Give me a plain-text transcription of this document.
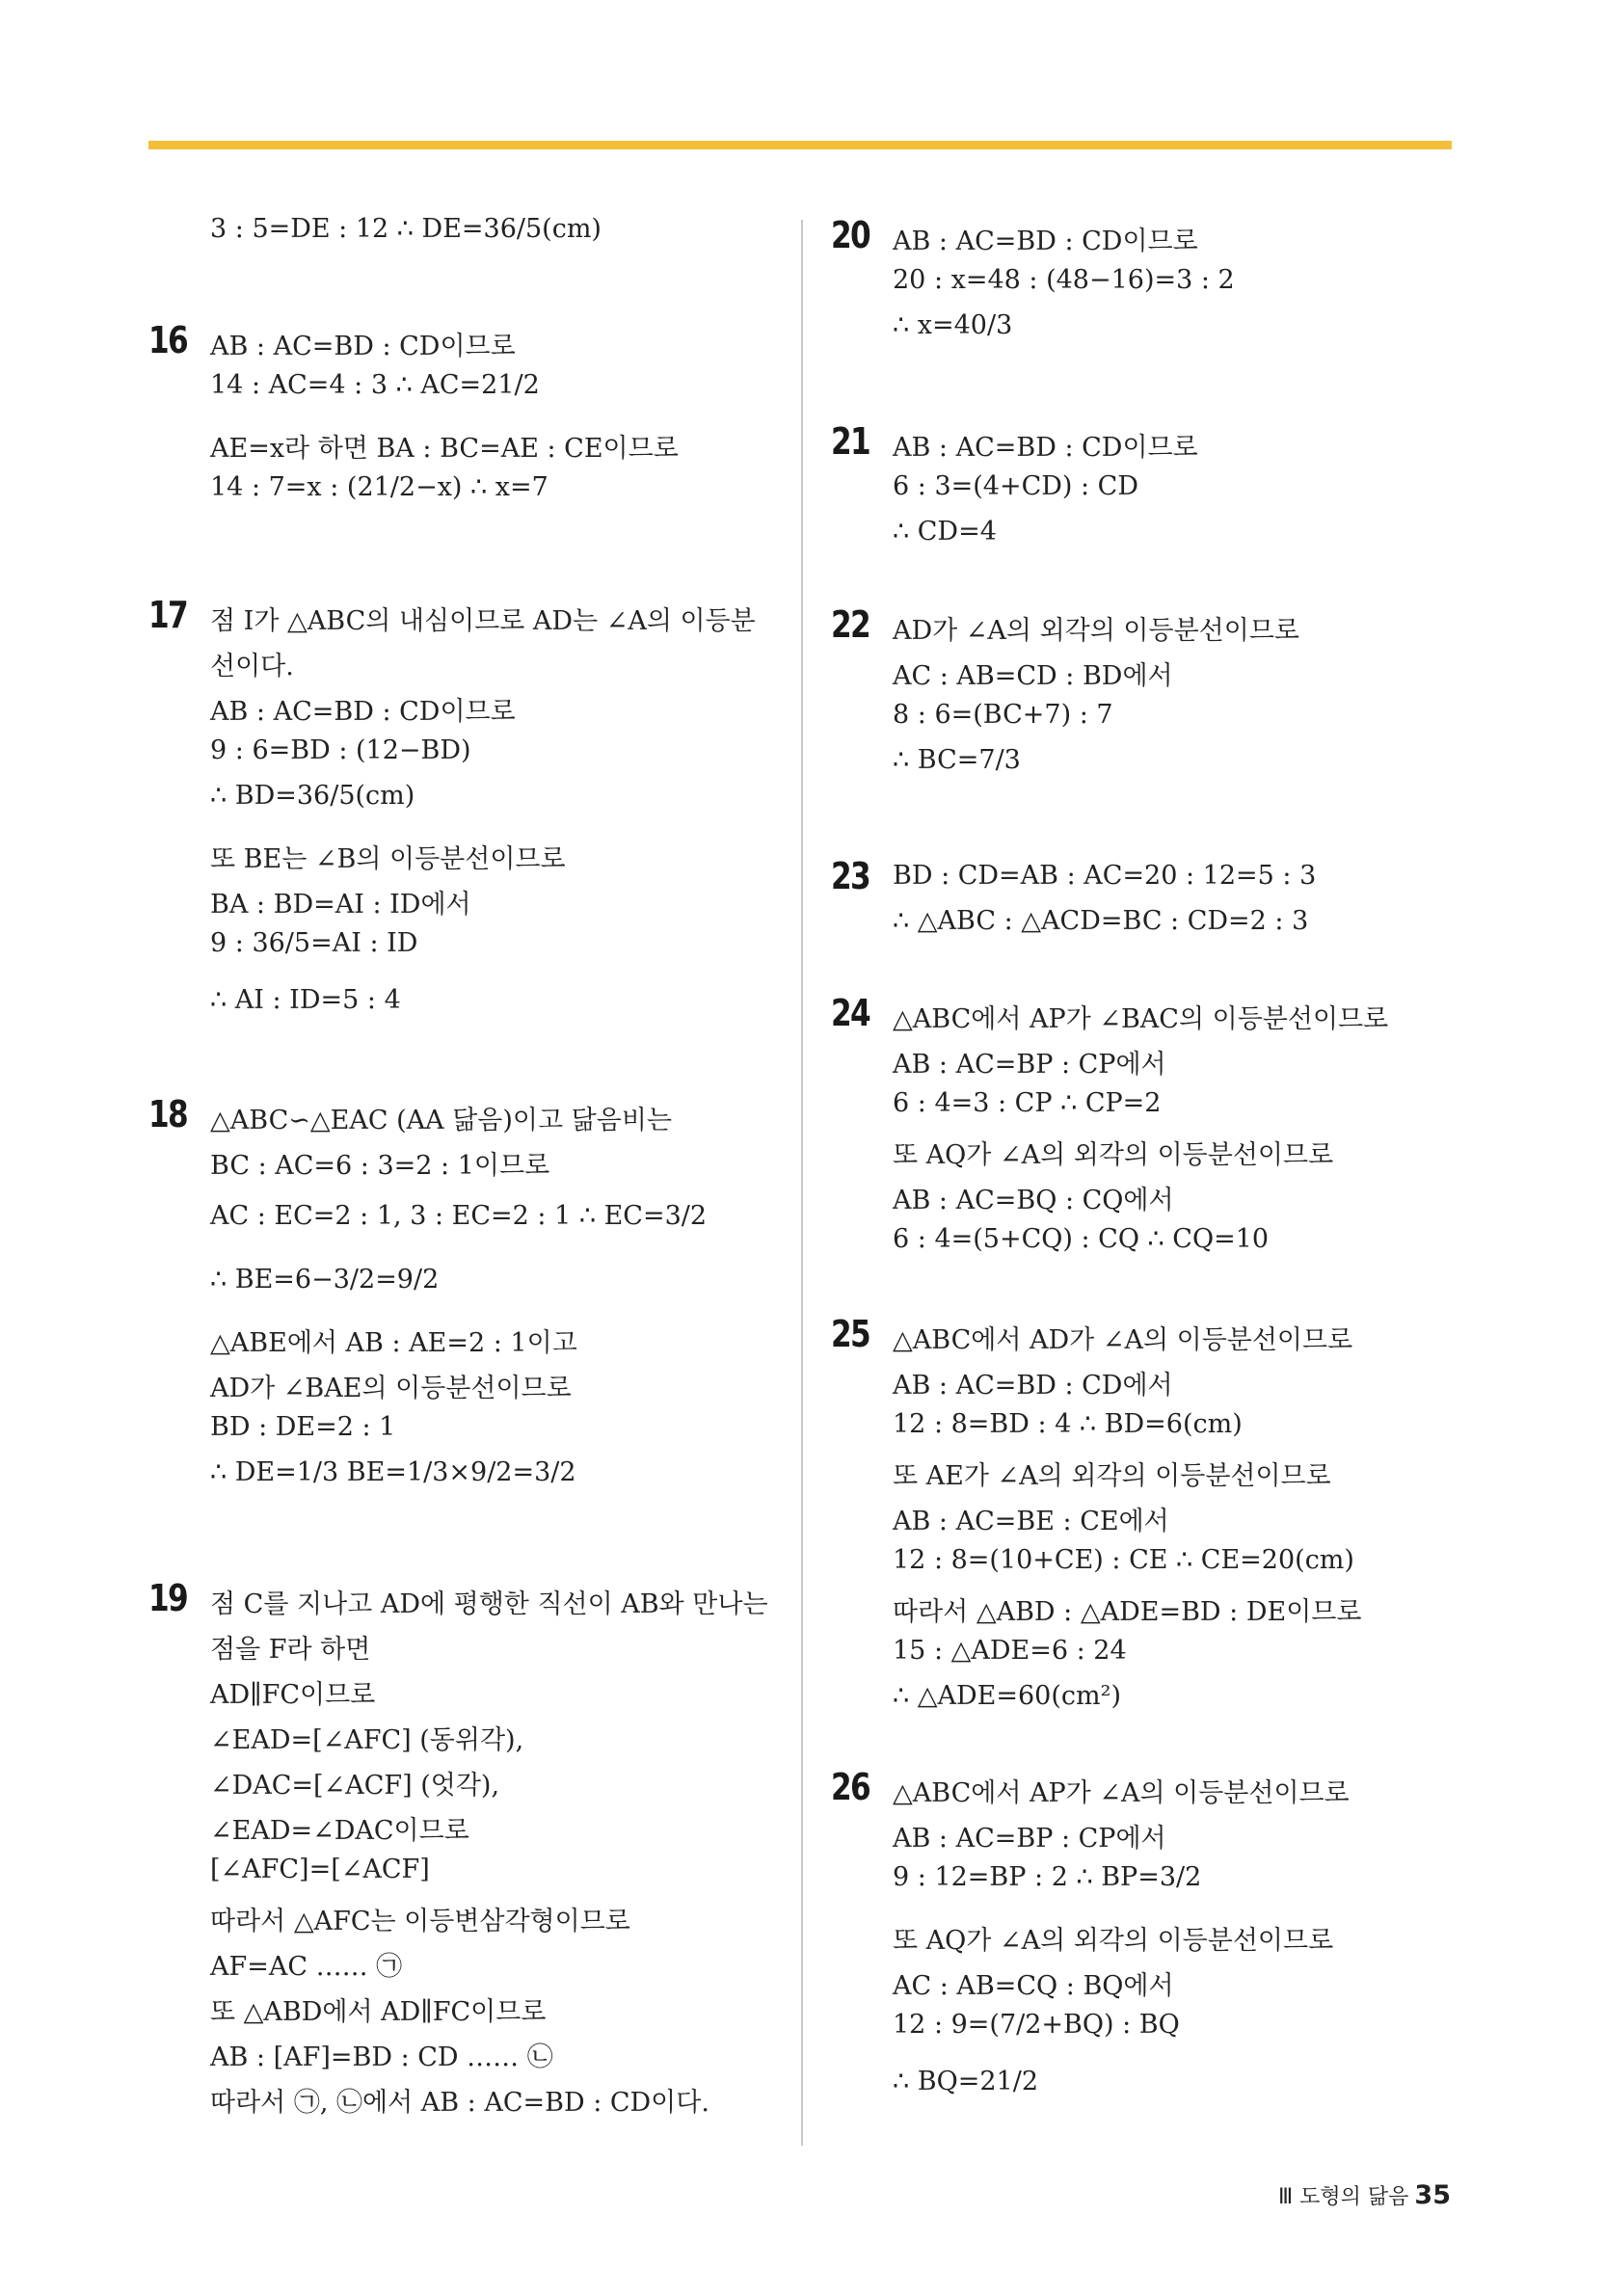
3 : 5=DE : 12 ∴ DE=36/5(cm)
16 AB : AC=BD : CD이므로
14 : AC=4 : 3 ∴ AC=21/2
AE=x라 하면 BA : BC=AE : CE이므로
14 : 7=x : (21/2−x) ∴ x=7
17 점 I가 △ABC의 내심이므로 AD는 ∠A의 이등분
선이다.
AB : AC=BD : CD이므로
9 : 6=BD : (12−BD)
∴ BD=36/5(cm)
또 BE는 ∠B의 이등분선이므로
BA : BD=AI : ID에서
9 : 36/5=AI : ID
∴ AI : ID=5 : 4
18 △ABC∽△EAC (AA 닮음)이고 닮음비는
BC : AC=6 : 3=2 : 1이므로
AC : EC=2 : 1, 3 : EC=2 : 1 ∴ EC=3/2
∴ BE=6−3/2=9/2
△ABE에서 AB : AE=2 : 1이고
AD가 ∠BAE의 이등분선이므로
BD : DE=2 : 1
∴ DE=1/3 BE=1/3×9/2=3/2
19 점 C를 지나고 AD에 평행한 직선이 AB와 만나는
점을 F라 하면
AD∥FC이므로
∠EAD=[∠AFC] (동위각),
∠DAC=[∠ACF] (엇각),
∠EAD=∠DAC이므로
[∠AFC]=[∠ACF]
따라서 △AFC는 이등변삼각형이므로
AF=AC …… ㉠
또 △ABD에서 AD∥FC이므로
AB : [AF]=BD : CD …… ㉡
따라서 ㉠, ㉡에서 AB : AC=BD : CD이다.
20 AB : AC=BD : CD이므로
20 : x=48 : (48−16)=3 : 2
∴ x=40/3
21 AB : AC=BD : CD이므로
6 : 3=(4+CD) : CD
∴ CD=4
22 AD가 ∠A의 외각의 이등분선이므로
AC : AB=CD : BD에서
8 : 6=(BC+7) : 7
∴ BC=7/3
23 BD : CD=AB : AC=20 : 12=5 : 3
∴ △ABC : △ACD=BC : CD=2 : 3
24 △ABC에서 AP가 ∠BAC의 이등분선이므로
AB : AC=BP : CP에서
6 : 4=3 : CP ∴ CP=2
또 AQ가 ∠A의 외각의 이등분선이므로
AB : AC=BQ : CQ에서
6 : 4=(5+CQ) : CQ ∴ CQ=10
25 △ABC에서 AD가 ∠A의 이등분선이므로
AB : AC=BD : CD에서
12 : 8=BD : 4 ∴ BD=6(cm)
또 AE가 ∠A의 외각의 이등분선이므로
AB : AC=BE : CE에서
12 : 8=(10+CE) : CE ∴ CE=20(cm)
따라서 △ABD : △ADE=BD : DE이므로
15 : △ADE=6 : 24
∴ △ADE=60(cm²)
26 △ABC에서 AP가 ∠A의 이등분선이므로
AB : AC=BP : CP에서
9 : 12=BP : 2 ∴ BP=3/2
또 AQ가 ∠A의 외각의 이등분선이므로
AC : AB=CQ : BQ에서
12 : 9=(7/2+BQ) : BQ
∴ BQ=21/2
Ⅲ 도형의 닮음 35
